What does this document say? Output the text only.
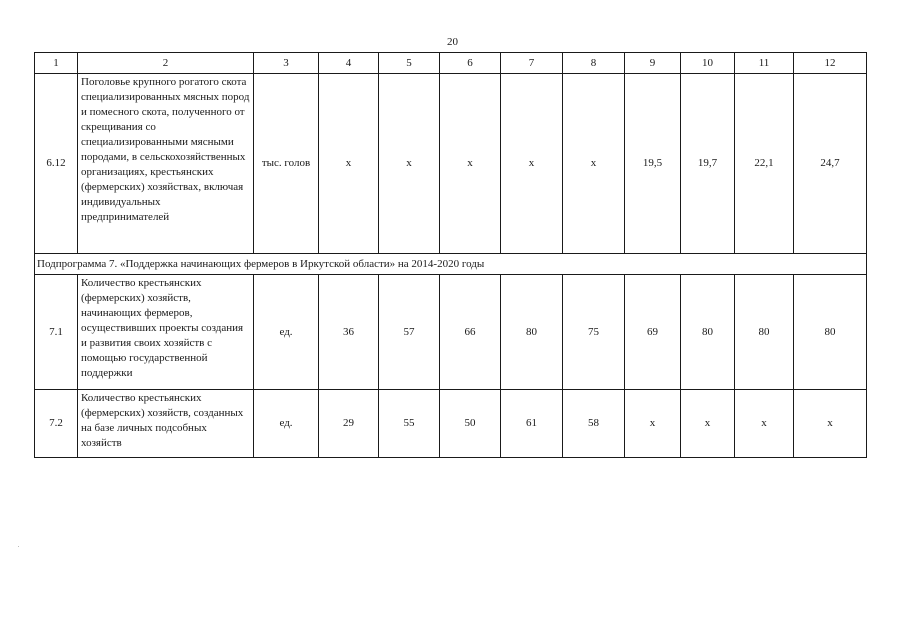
20
1	2	3	4	5	6	7	8	9	10	11	12
6.12	Поголовье крупного рогатого скота специализированных мясных пород и помесного скота, полученного от скрещивания со специализированными мясными породами, в сельскохозяйственных организациях, крестьянских (фермерских) хозяйствах, включая индивидуальных предпринимателей	тыс. голов	х	х	х	х	х	19,5	19,7	22,1	24,7
Подпрограмма 7. «Поддержка начинающих фермеров в Иркутской области» на 2014-2020 годы											
7.1	Количество крестьянских (фермерских) хозяйств, начинающих фермеров, осуществивших проекты создания и развития своих хозяйств с помощью государственной поддержки	ед.	36	57	66	80	75	69	80	80	80
7.2	Количество крестьянских (фермерских) хозяйств, созданных на базе личных подсобных хозяйств	ед.	29	55	50	61	58	х	х	х	х
